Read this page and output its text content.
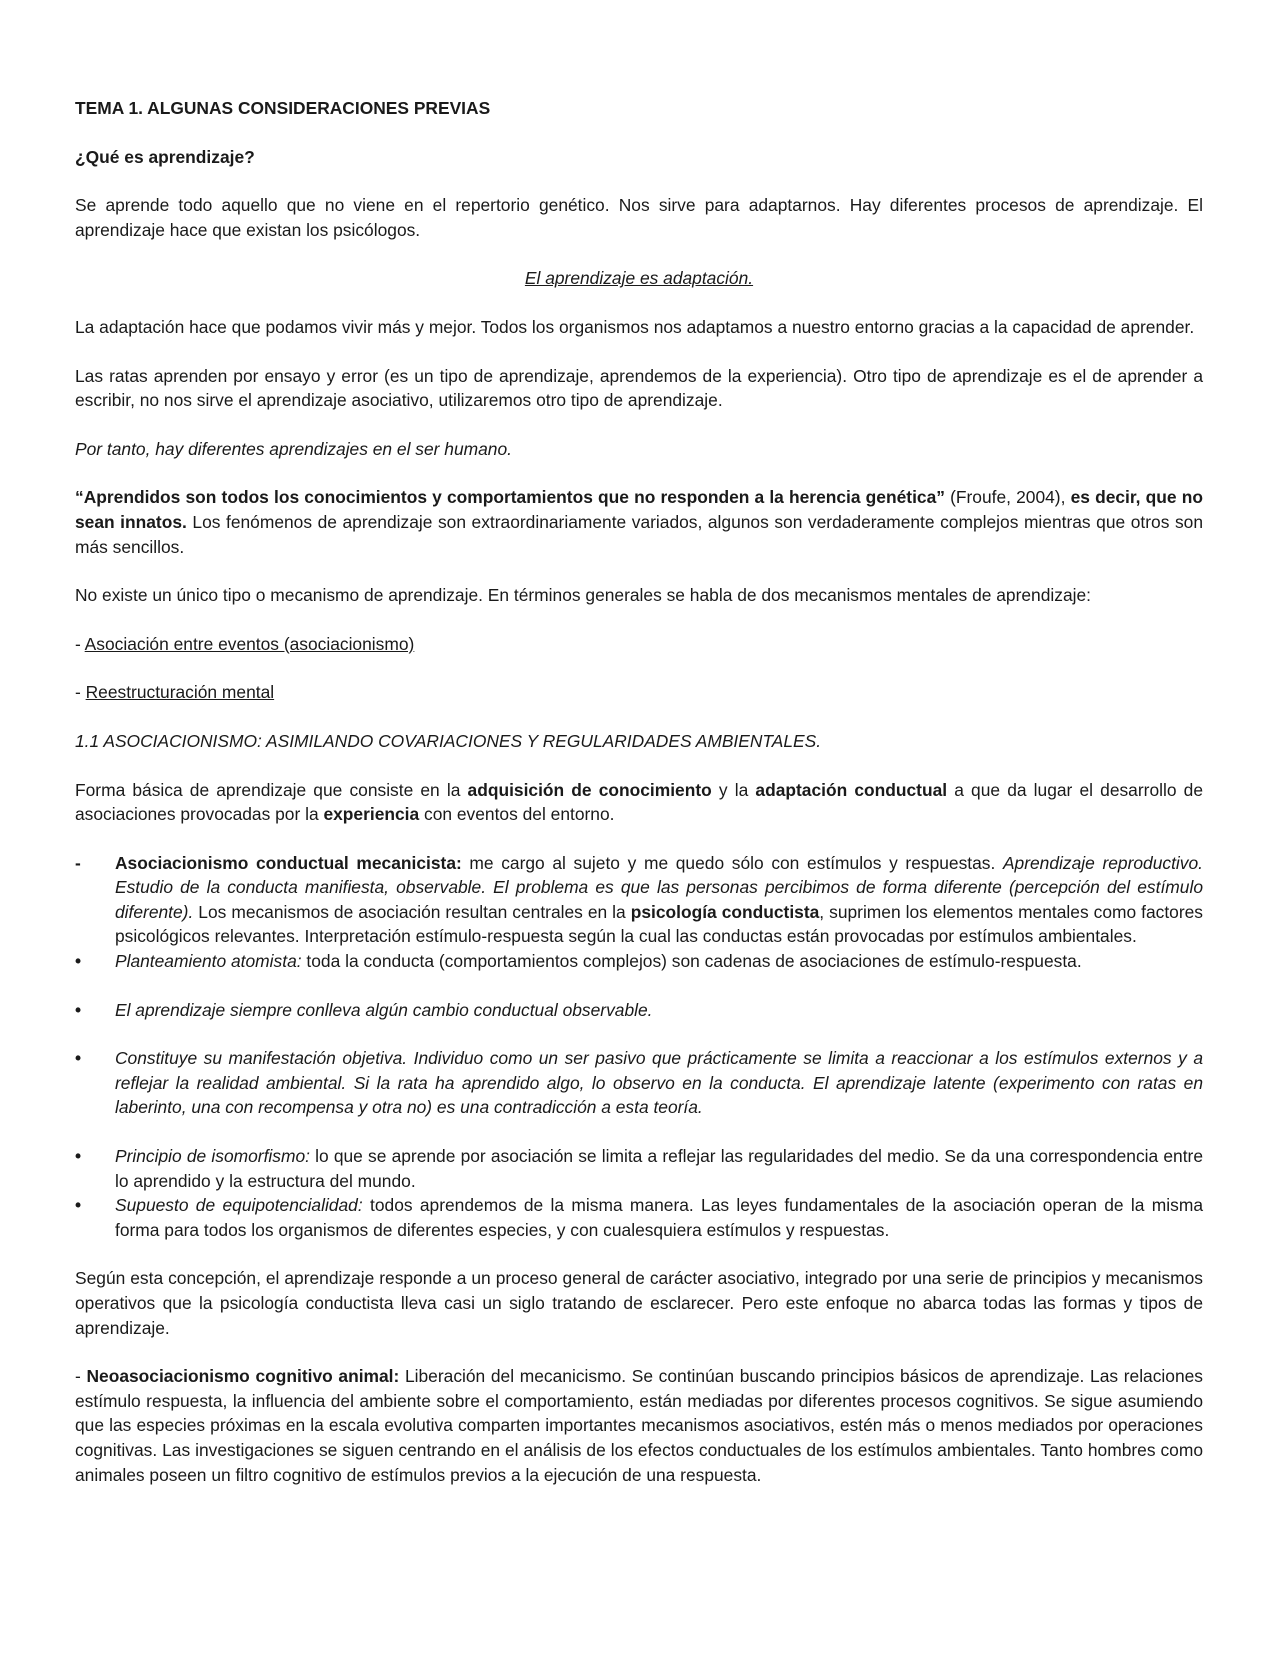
TEMA 1. ALGUNAS CONSIDERACIONES PREVIAS

¿Qué es aprendizaje?

Se aprende todo aquello que no viene en el repertorio genético. Nos sirve para adaptarnos. Hay diferentes procesos de aprendizaje. El aprendizaje hace que existan los psicólogos.

El aprendizaje es adaptación.

La adaptación hace que podamos vivir más y mejor. Todos los organismos nos adaptamos a nuestro entorno gracias a la capacidad de aprender.

Las ratas aprenden por ensayo y error (es un tipo de aprendizaje, aprendemos de la experiencia). Otro tipo de aprendizaje es el de aprender a escribir, no nos sirve el aprendizaje asociativo, utilizaremos otro tipo de aprendizaje.

Por tanto, hay diferentes aprendizajes en el ser humano.

“Aprendidos son todos los conocimientos y comportamientos que no responden a la herencia genética” (Froufe, 2004), es decir, que no sean innatos. Los fenómenos de aprendizaje son extraordinariamente variados, algunos son verdaderamente complejos mientras que otros son más sencillos.

No existe un único tipo o mecanismo de aprendizaje. En términos generales se habla de dos mecanismos mentales de aprendizaje:

- Asociación entre eventos (asociacionismo)

- Reestructuración mental

1.1 ASOCIACIONISMO: ASIMILANDO COVARIACIONES Y REGULARIDADES AMBIENTALES.

Forma básica de aprendizaje que consiste en la adquisición de conocimiento y la adaptación conductual a que da lugar el desarrollo de asociaciones provocadas por la experiencia con eventos del entorno.

-	Asociacionismo conductual mecanicista: me cargo al sujeto y me quedo sólo con estímulos y respuestas. Aprendizaje reproductivo. Estudio de la conducta manifiesta, observable. El problema es que las personas percibimos de forma diferente (percepción del estímulo diferente). Los mecanismos de asociación resultan centrales en la psicología conductista, suprimen los elementos mentales como factores psicológicos relevantes. Interpretación estímulo-respuesta según la cual las conductas están provocadas por estímulos ambientales.
•	Planteamiento atomista: toda la conducta (comportamientos complejos) son cadenas de asociaciones de estímulo-respuesta.
•	El aprendizaje siempre conlleva algún cambio conductual observable.
•	Constituye su manifestación objetiva. Individuo como un ser pasivo que prácticamente se limita a reaccionar a los estímulos externos y a reflejar la realidad ambiental. Si la rata ha aprendido algo, lo observo en la conducta. El aprendizaje latente (experimento con ratas en laberinto, una con recompensa y otra no) es una contradicción a esta teoría.
•	Principio de isomorfismo: lo que se aprende por asociación se limita a reflejar las regularidades del medio. Se da una correspondencia entre lo aprendido y la estructura del mundo.
•	Supuesto de equipotencialidad: todos aprendemos de la misma manera. Las leyes fundamentales de la asociación operan de la misma forma para todos los organismos de diferentes especies, y con cualesquiera estímulos y respuestas.

Según esta concepción, el aprendizaje responde a un proceso general de carácter asociativo, integrado por una serie de principios y mecanismos operativos que la psicología conductista lleva casi un siglo tratando de esclarecer. Pero este enfoque no abarca todas las formas y tipos de aprendizaje.

- Neoasociacionismo cognitivo animal: Liberación del mecanicismo. Se continúan buscando principios básicos de aprendizaje. Las relaciones estímulo respuesta, la influencia del ambiente sobre el comportamiento, están mediadas por diferentes procesos cognitivos. Se sigue asumiendo que las especies próximas en la escala evolutiva comparten importantes mecanismos asociativos, estén más o menos mediados por operaciones cognitivas. Las investigaciones se siguen centrando en el análisis de los efectos conductuales de los estímulos ambientales. Tanto hombres como animales poseen un filtro cognitivo de estímulos previos a la ejecución de una respuesta.
